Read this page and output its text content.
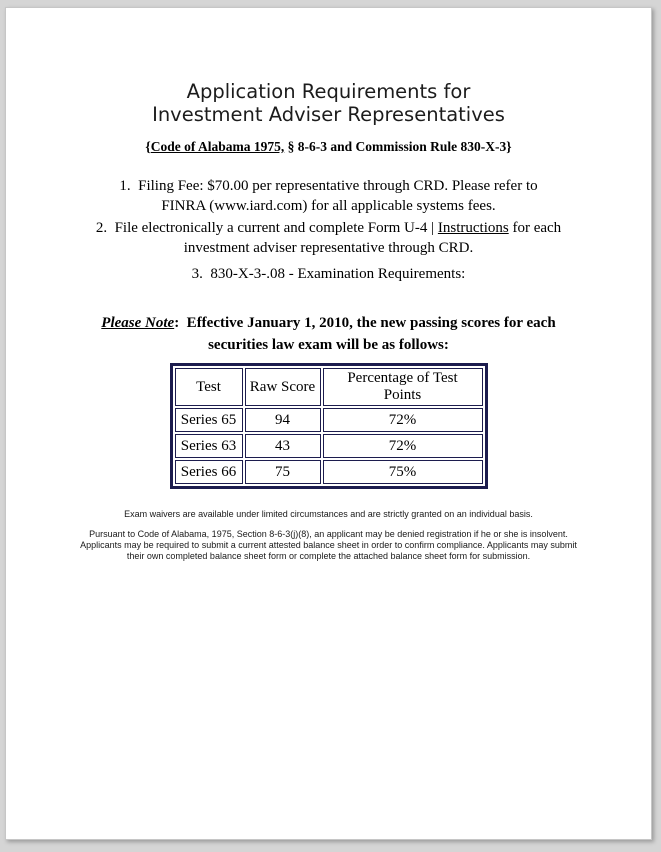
Application Requirements for
Investment Adviser Representatives
{Code of Alabama 1975, § 8-6-3 and Commission Rule 830-X-3}
1.  Filing Fee: $70.00 per representative through CRD. Please refer to
FINRA (www.iard.com) for all applicable systems fees.
2.  File electronically a current and complete Form U-4 | Instructions for each
investment adviser representative through CRD.
3.  830-X-3-.08 - Examination Requirements:
Please Note:  Effective January 1, 2010, the new passing scores for each
securities law exam will be as follows:
Test	Raw Score	Percentage of Test Points
Series 65	94	72%
Series 63	43	72%
Series 66	75	75%
Exam waivers are available under limited circumstances and are strictly granted on an individual basis.
Pursuant to Code of Alabama, 1975, Section 8-6-3(j)(8), an applicant may be denied registration if he or she is insolvent.
Applicants may be required to submit a current attested balance sheet in order to confirm compliance. Applicants may submit
their own completed balance sheet form or complete the attached balance sheet form for submission.
